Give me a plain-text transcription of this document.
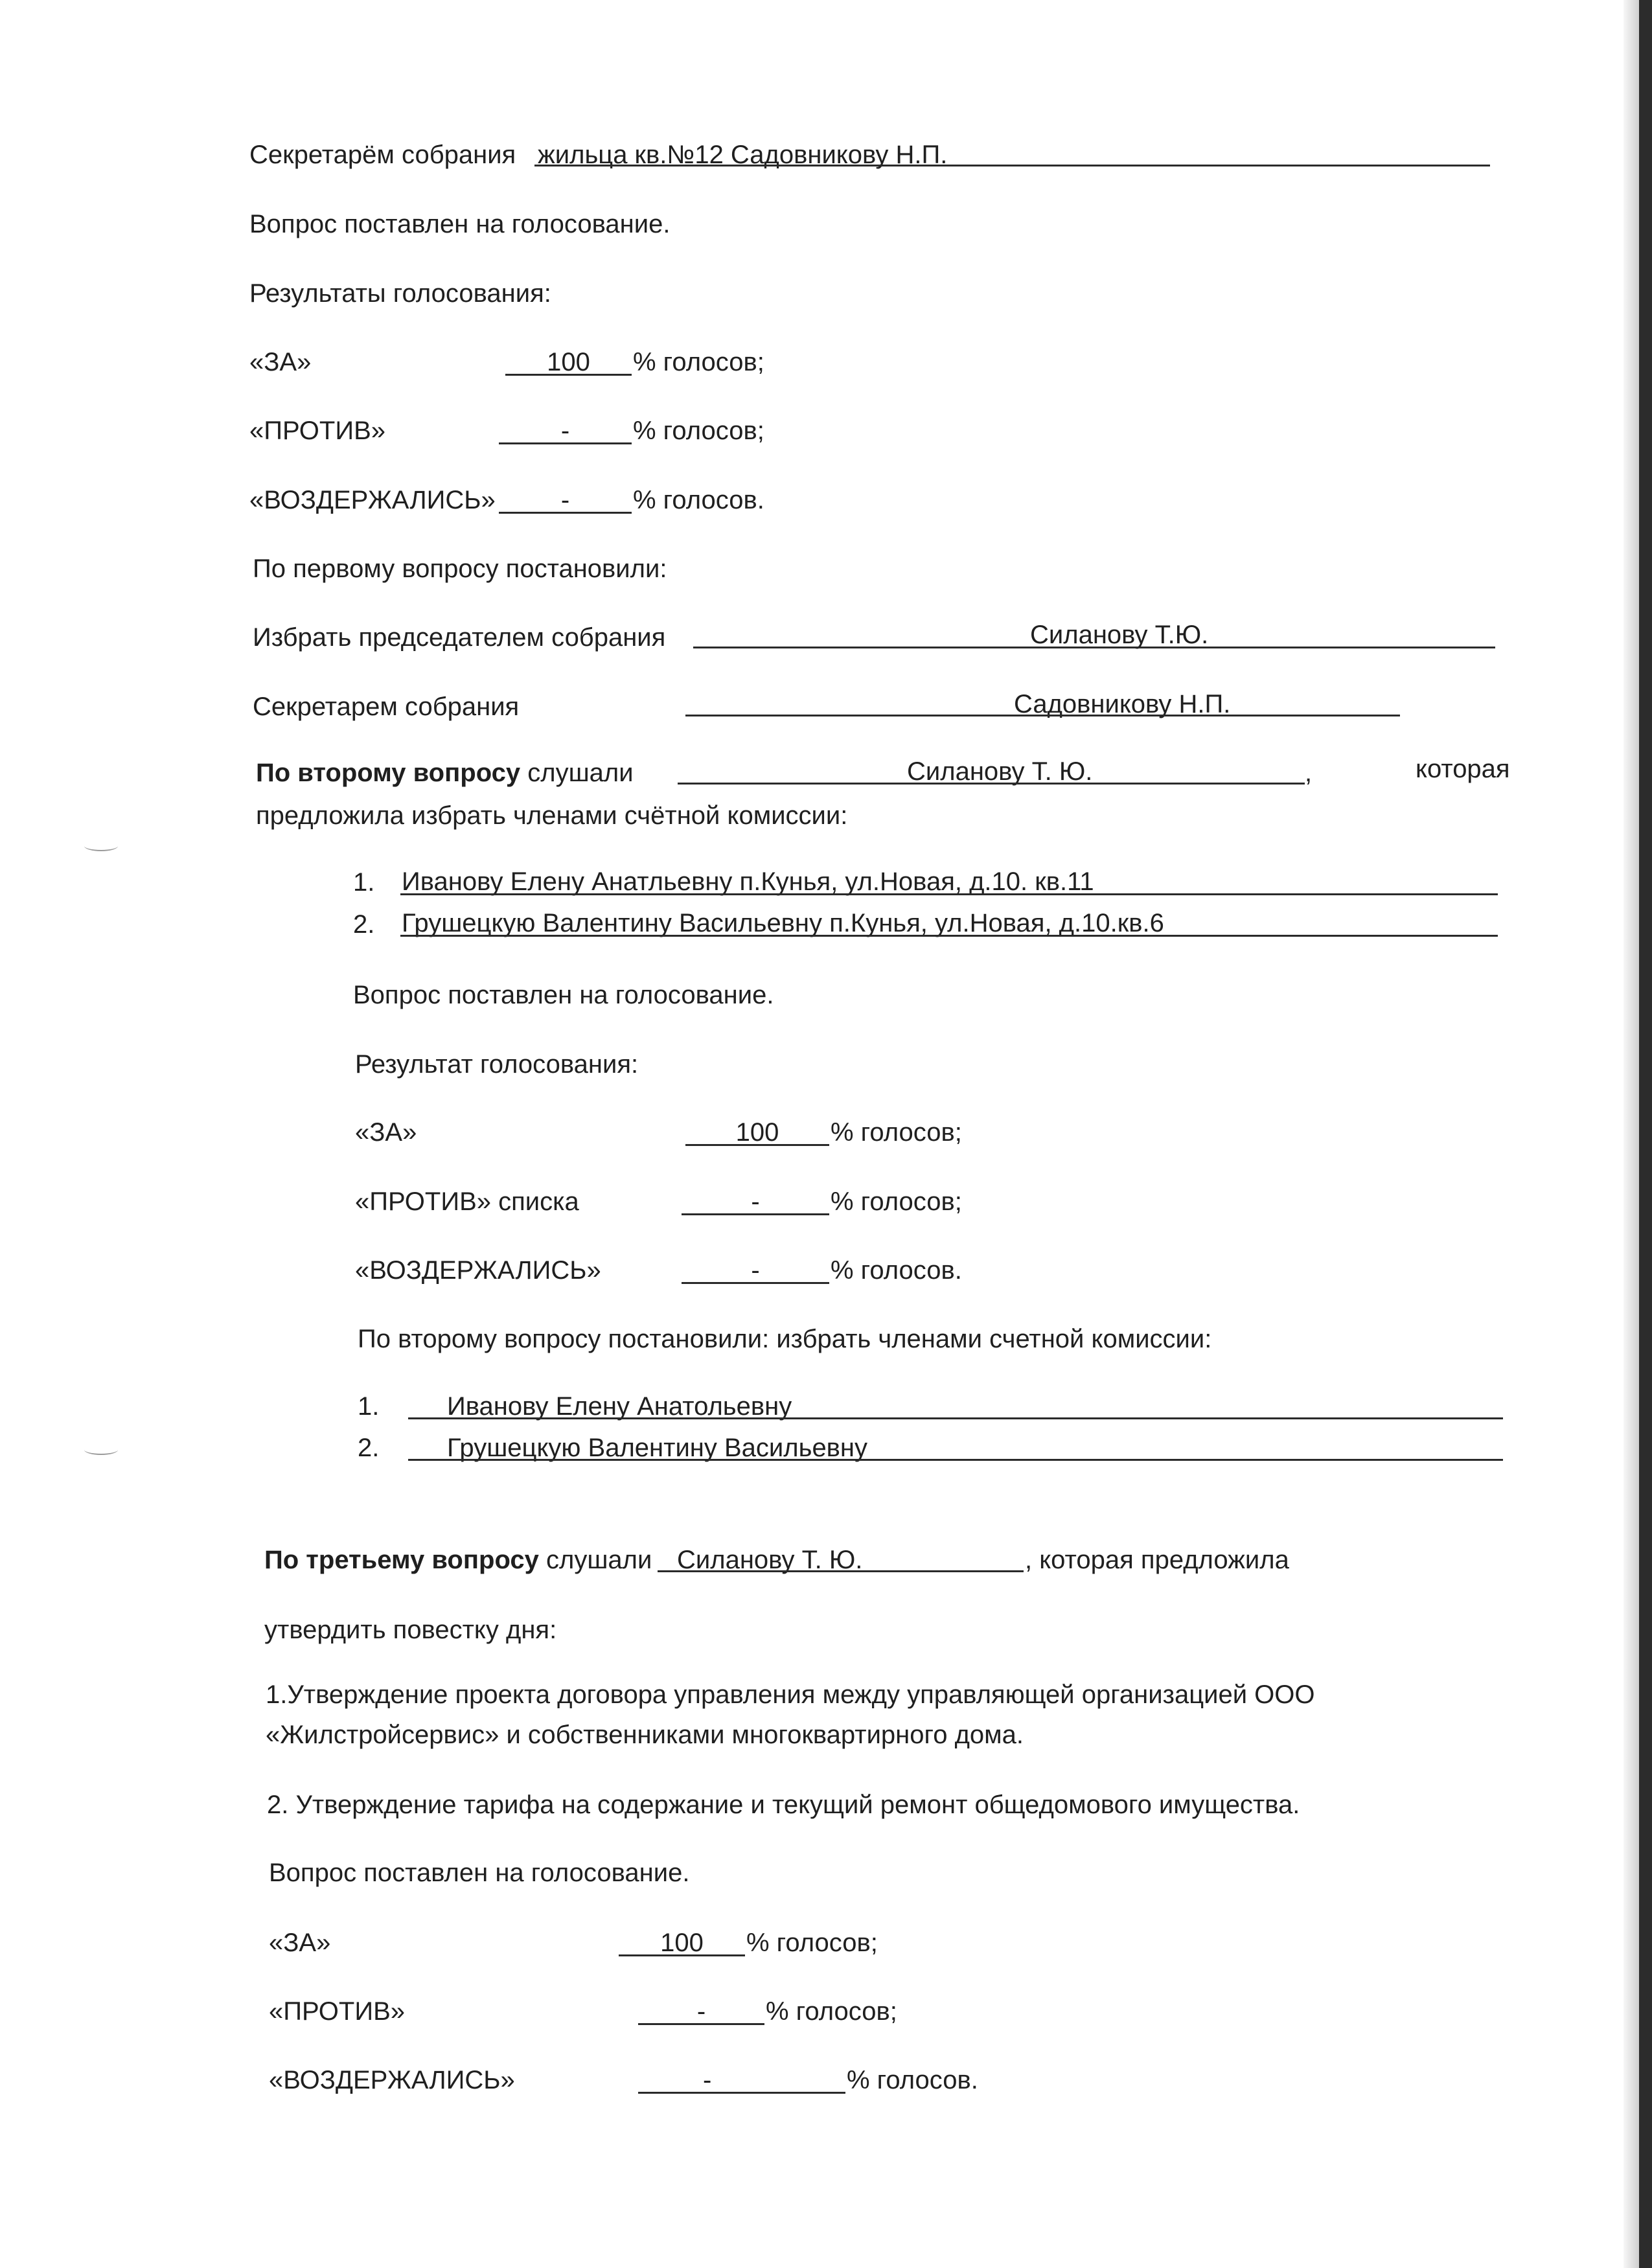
Секретарём собрания жильца кв.№12 Садовникову Н.П.
Вопрос поставлен на голосование.
Результаты голосования:
«ЗА»	100	% голосов;
«ПРОТИВ»	-	% голосов;
«ВОЗДЕРЖАЛИСЬ»	-	% голосов.
По первому вопросу постановили:
Избрать председателем собрания	Силанову Т.Ю.
Секретарем собрания	Садовникову Н.П.
По второму вопросу слушали	Силанову Т. Ю.	,	которая
предложила избрать членами счётной комиссии:
1. Иванову Елену Анатльевну п.Кунья, ул.Новая, д.10. кв.11
2. Грушецкую Валентину Васильевну п.Кунья, ул.Новая, д.10.кв.6
Вопрос поставлен на голосование.
Результат голосования:
«ЗА»	100	% голосов;
«ПРОТИВ» списка	-	% голосов;
«ВОЗДЕРЖАЛИСЬ»	-	% голосов.
По второму вопросу постановили: избрать членами счетной комиссии:
1.	Иванову Елену Анатольевну
2.	Грушецкую Валентину Васильевну
По третьему вопросу слушали Силанову Т. Ю.	, которая предложила
утвердить повестку дня:
1.Утверждение проекта договора управления между управляющей организацией ООО
«Жилстройсервис» и собственниками многоквартирного дома.
2. Утверждение тарифа на содержание и текущий ремонт общедомового имущества.
Вопрос поставлен на голосование.
«ЗА»	100	% голосов;
«ПРОТИВ»	-	% голосов;
«ВОЗДЕРЖАЛИСЬ»	-	% голосов.
